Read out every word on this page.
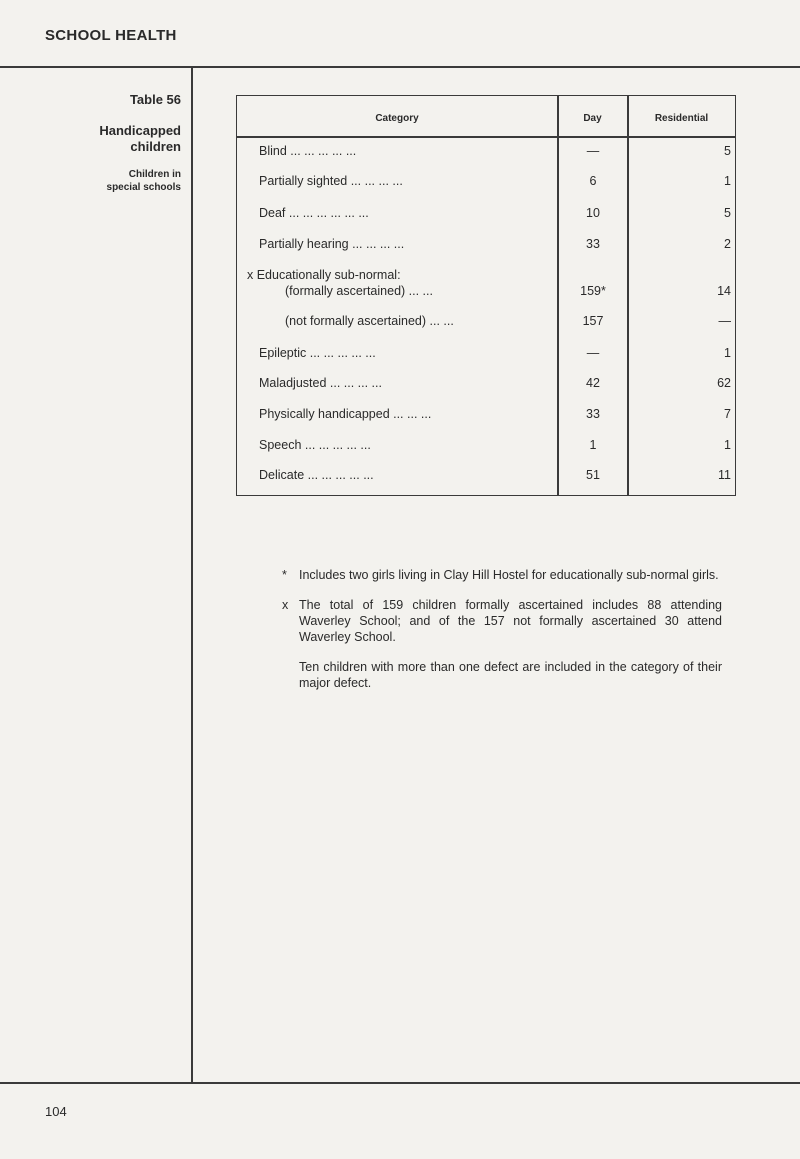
SCHOOL HEALTH
Table 56
Handicapped
children
Children in
special schools
Category	Day	Residential
Blind ... ... ... ... ...	—	5
Partially sighted ... ... ... ...	6	1
Deaf ... ... ... ... ... ...	10	5
Partially hearing ... ... ... ...	33	2
x Educationally sub-normal:
(formally ascertained) ... ...	159*	14
(not formally ascertained) ... ...	157	—
Epileptic ... ... ... ... ...	—	1
Maladjusted ... ... ... ...	42	62
Physically handicapped ... ... ...	33	7
Speech ... ... ... ... ...	1	1
Delicate ... ... ... ... ...	51	11
* Includes two girls living in Clay Hill Hostel for educationally sub-normal girls.
x The total of 159 children formally ascertained includes 88 attending Waverley School; and of the 157 not formally ascertained 30 attend Waverley School.
Ten children with more than one defect are included in the category of their major defect.
104
